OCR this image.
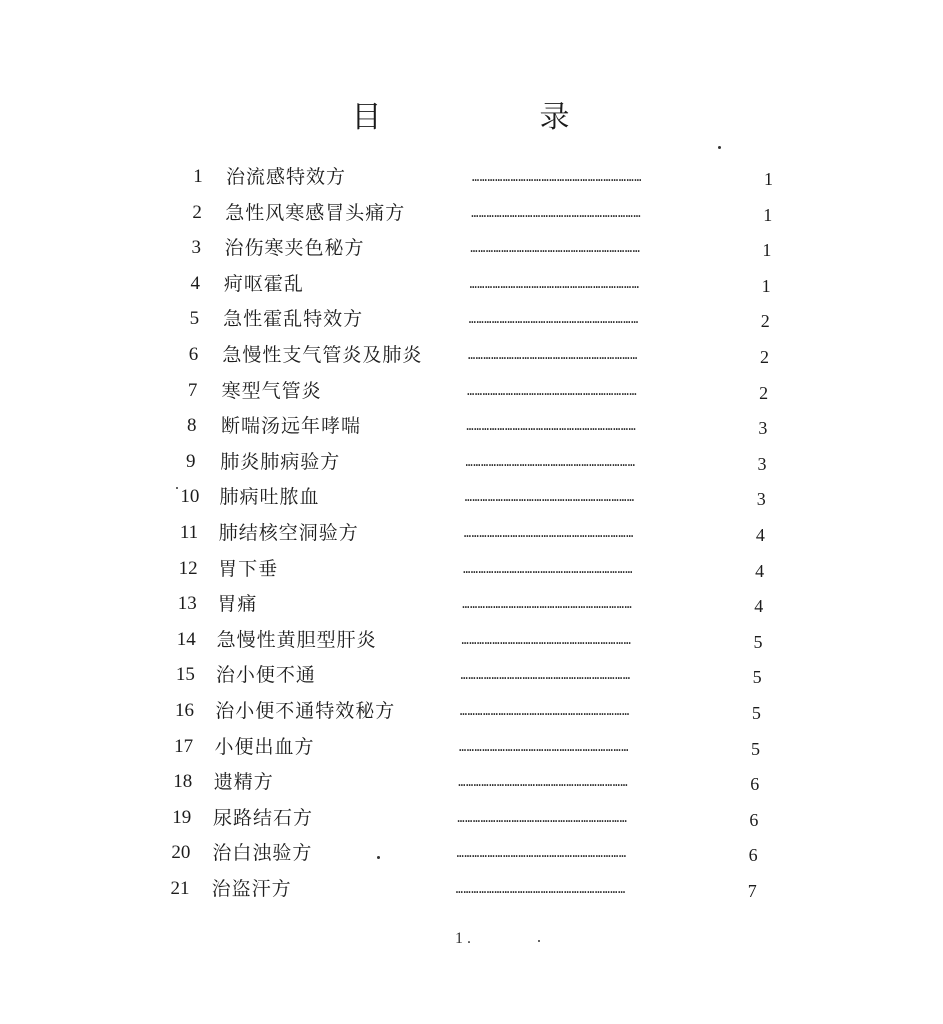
目　录
1	治流感特效方	…………………………………………………………	1
2	急性风寒感冒头痛方	…………………………………………………………	1
3	治伤寒夹色秘方	…………………………………………………………	1
4	疴呕霍乱	…………………………………………………………	1
5	急性霍乱特效方	…………………………………………………………	2
6	急慢性支气管炎及肺炎	…………………………………………………………	2
7	寒型气管炎	…………………………………………………………	2
8	断喘汤远年哮喘	…………………………………………………………	3
9	肺炎肺病验方	…………………………………………………………	3
10	肺病吐脓血	…………………………………………………………	3
11	肺结核空洞验方	…………………………………………………………	4
12	胃下垂	…………………………………………………………	4
13	胃痛	…………………………………………………………	4
14	急慢性黄胆型肝炎	…………………………………………………………	5
15	治小便不通	…………………………………………………………	5
16	治小便不通特效秘方	…………………………………………………………	5
17	小便出血方	…………………………………………………………	5
18	遗精方	…………………………………………………………	6
19	尿路结石方	…………………………………………………………	6
20	治白浊验方	…………………………………………………………	6
21	治盗汗方	…………………………………………………………	7
1 .
